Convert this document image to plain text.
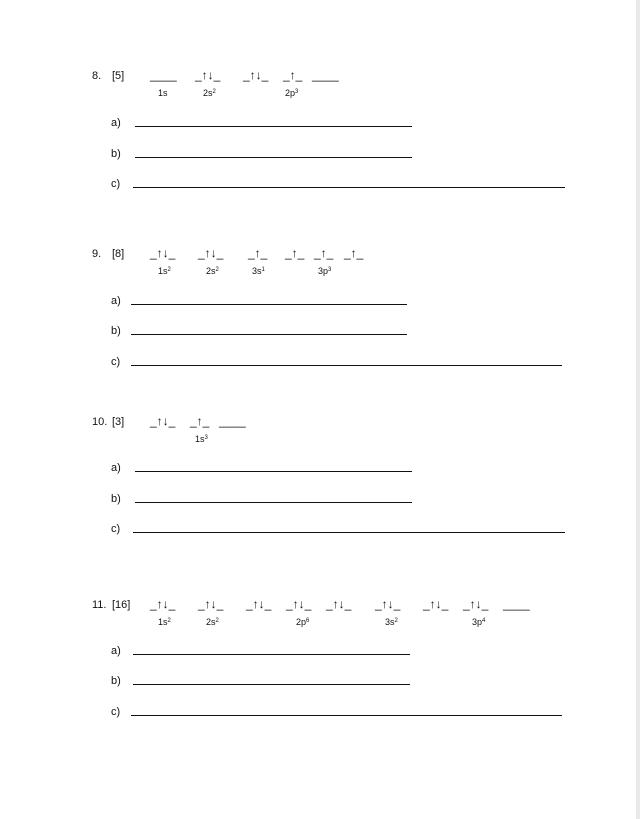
8. [5] ____ _↑↓_ _↑↓_ _↑_ ____
1s	$2s^2$	$2p^3$
a)
b)
c)
9. [8] _↑↓_ _↑↓_ _↑_ _↑_ _↑_ _↑_
$1s^2$	$2s^2$	$3s^1$	$3p^3$
a)
b)
c)
10. [3] _↑↓_ _↑_ ____
$1s^3$
a)
b)
c)
11. [16] _↑↓_ _↑↓_ _↑↓_ _↑↓_ _↑↓_ _↑↓_ _↑↓_ _↑↓_ ____
$1s^2$	$2s^2$	$2p^6$	$3s^2$	$3p^4$
a)
b)
c)
